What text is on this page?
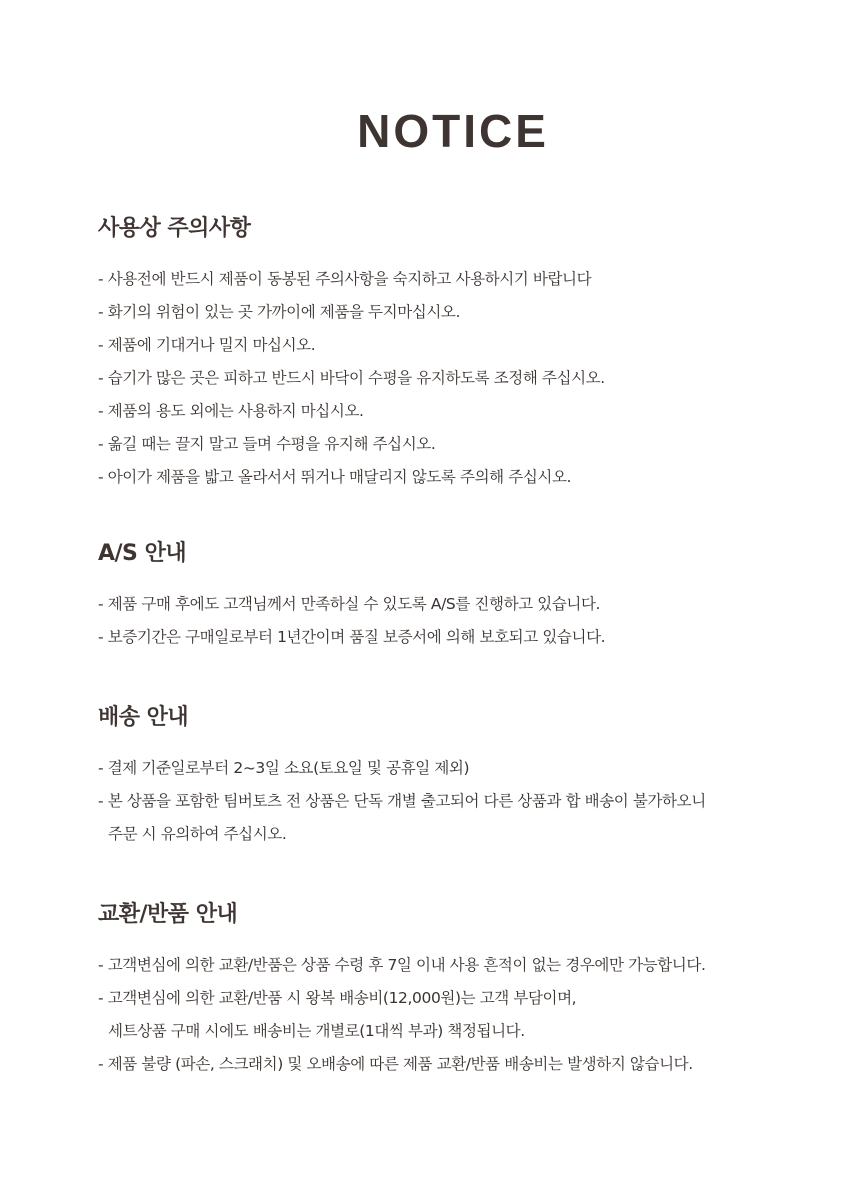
NOTICE
사용상 주의사항
- 사용전에 반드시 제품이 동봉된 주의사항을 숙지하고 사용하시기 바랍니다
- 화기의 위험이 있는 곳 가까이에 제품을 두지마십시오.
- 제품에 기대거나 밀지 마십시오.
- 습기가 많은 곳은 피하고 반드시 바닥이 수평을 유지하도록 조정해 주십시오.
- 제품의 용도 외에는 사용하지 마십시오.
- 옮길 때는 끌지 말고 들며 수평을 유지해 주십시오.
- 아이가 제품을 밟고 올라서서 뛰거나 매달리지 않도록 주의해 주십시오.
A/S 안내
- 제품 구매 후에도 고객님께서 만족하실 수 있도록 A/S를 진행하고 있습니다.
- 보증기간은 구매일로부터 1년간이며 품질 보증서에 의해 보호되고 있습니다.
배송 안내
- 결제 기준일로부터 2~3일 소요(토요일 및 공휴일 제외)
- 본 상품을 포함한 팀버토츠 전 상품은 단독 개별 출고되어 다른 상품과 합 배송이 불가하오니
주문 시 유의하여 주십시오.
교환/반품 안내
- 고객변심에 의한 교환/반품은 상품 수령 후 7일 이내 사용 흔적이 없는 경우에만 가능합니다.
- 고객변심에 의한 교환/반품 시 왕복 배송비(12,000원)는 고객 부담이며,
세트상품 구매 시에도 배송비는 개별로(1대씩 부과) 책정됩니다.
- 제품 불량 (파손, 스크래치) 및 오배송에 따른 제품 교환/반품 배송비는 발생하지 않습니다.
